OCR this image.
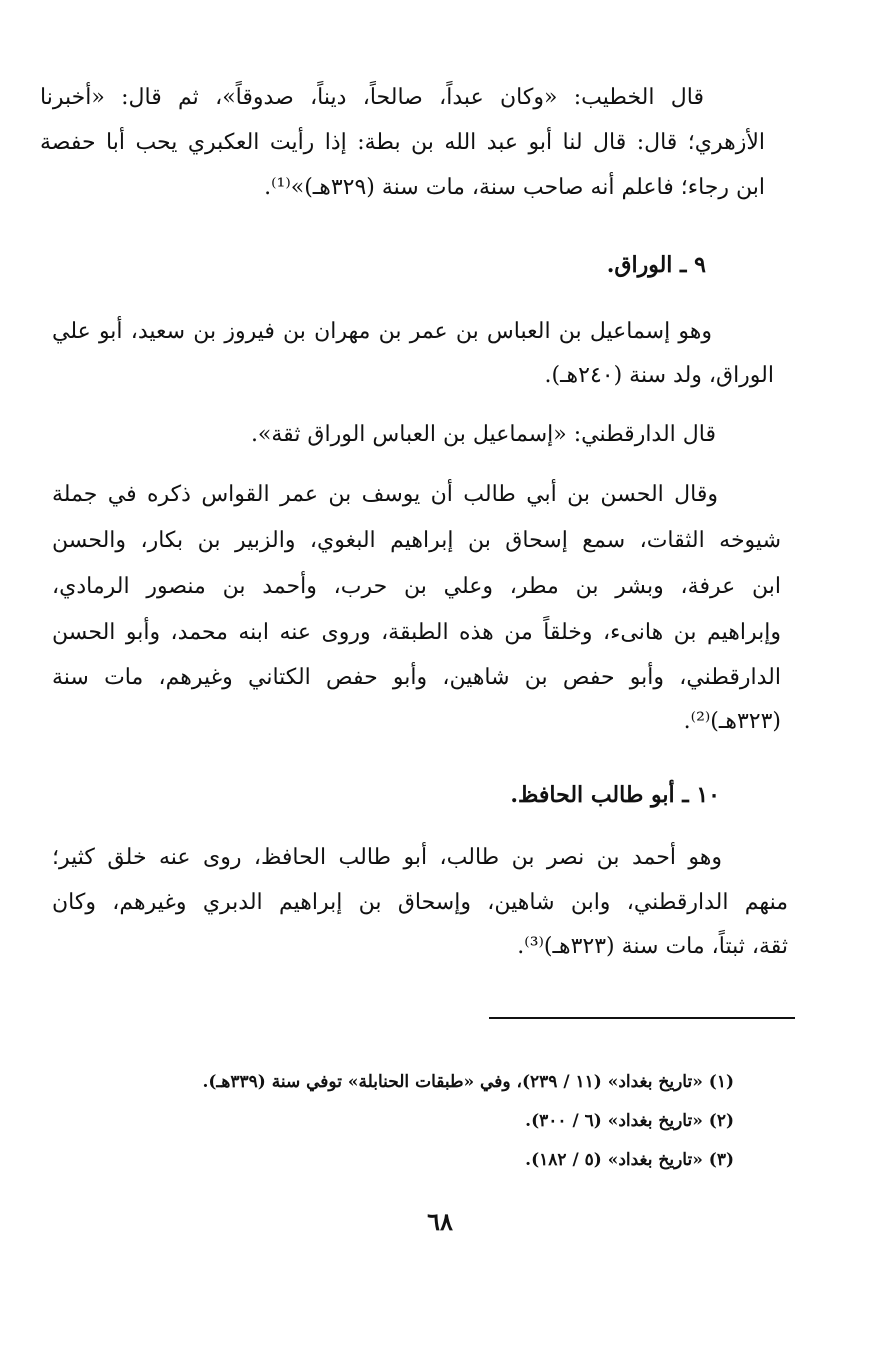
قال الخطيب: «وكان عبداً، صالحاً، ديناً، صدوقاً»، ثم قال: «أخبرنا

الأزهري؛ قال: قال لنا أبو عبد الله بن بطة: إذا رأيت العكبري يحب أبا حفصة

ابن رجاء؛ فاعلم أنه صاحب سنة، مات سنة (٣٢٩هـ)»⁽¹⁾.

٩ ـ الوراق.

وهو إسماعيل بن العباس بن عمر بن مهران بن فيروز بن سعيد، أبو علي

الوراق، ولد سنة (٢٤٠هـ).

قال الدارقطني: «إسماعيل بن العباس الوراق ثقة».

وقال الحسن بن أبي طالب أن يوسف بن عمر القواس ذكره في جملة

شيوخه الثقات، سمع إسحاق بن إبراهيم البغوي، والزبير بن بكار، والحسن

ابن عرفة، وبشر بن مطر، وعلي بن حرب، وأحمد بن منصور الرمادي،

وإبراهيم بن هانىء، وخلقاً من هذه الطبقة، وروى عنه ابنه محمد، وأبو الحسن

الدارقطني، وأبو حفص بن شاهين، وأبو حفص الكتاني وغيرهم، مات سنة

(٣٢٣هـ)⁽²⁾.

١٠ ـ أبو طالب الحافظ.

وهو أحمد بن نصر بن طالب، أبو طالب الحافظ، روى عنه خلق كثير؛

منهم الدارقطني، وابن شاهين، وإسحاق بن إبراهيم الدبري وغيرهم، وكان

ثقة، ثبتاً، مات سنة (٣٢٣هـ)⁽³⁾.

(١) «تاريخ بغداد» (١١ / ٢٣٩)، وفي «طبقات الحنابلة» توفي سنة (٣٣٩هـ).

(٢) «تاريخ بغداد» (٦ / ٣٠٠).

(٣) «تاريخ بغداد» (٥ / ١٨٢).

٦٨
